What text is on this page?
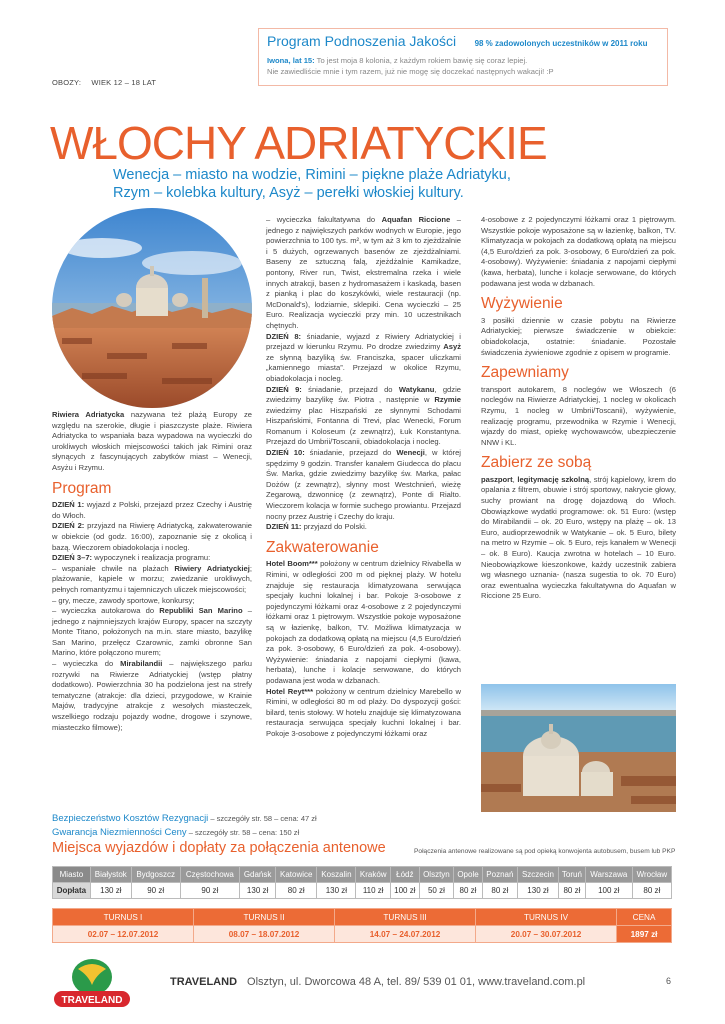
Program Podnoszenia Jakości 98 % zadowolonych uczestników w 2011 roku
Iwona, lat 15: To jest moja 8 kolonia, z każdym rokiem bawię się coraz lepiej.
Nie zawiedliście mnie i tym razem, już nie mogę się doczekać następnych wakacji! :P
OBOZY: WIEK 12 – 18 LAT
WŁOCHY ADRIATYCKIE
Wenecja – miasto na wodzie, Rimini – piękne plaże Adriatyku, Rzym – kolebka kultury, Asyż – perełki włoskiej kultury.

Riwiera Adriatycka nazywana też plażą Europy ze względu na szerokie, długie i piaszczyste plaże. Riwiera Adriatycka to wspaniała baza wypadowa na wycieczki do urokliwych włoskich miejscowości takich jak Rimini oraz słynących z fascynujących zabytków miast – Wenecji, Asyżu i Rzymu.

Program

DZIEŃ 1: wyjazd z Polski, przejazd przez Czechy i Austrię do Włoch.

DZIEŃ 2: przyjazd na Riwierę Adriatycką, zakwaterowanie w obiekcie (od godz. 16:00), zapoznanie się z okolicą i bazą. Wieczorem obiadokolacja i nocleg.

DZIEŃ 3–7: wypoczynek i realizacja programu:

– wspaniałe chwile na plażach Riwiery Adriatyckiej; plażowanie, kąpiele w morzu; zwiedzanie urokliwych, pełnych romantyzmu i tajemniczych uliczek miejscowości;

– gry, mecze, zawody sportowe, konkursy;

– wycieczka autokarowa do Republiki San Marino – jednego z najmniejszych krajów Europy, spacer na szczyty Monte Titano, położonych na m.in. stare miasto, bazylikę San Marino, przełęcz Czarownic, zamki obronne San Marino, które połączono murem;

– wycieczka do Mirabilandii – największego parku rozrywki na Riwierze Adriatyckiej (wstęp płatny dodatkowo). Powierzchnia 30 ha podzielona jest na strefy tematyczne (atrakcje: dla dzieci, przygodowe, w Krainie Majów, tradycyjne atrakcje z wesołych miasteczek, wszelkiego rodzaju pojazdy wodne, drogowe i szynowe, miasteczko filmowe);

– wycieczka fakultatywna do Aquafan Riccione – jednego z największych parków wodnych w Europie, jego powierzchnia to 100 tys. m², w tym aż 3 km to zjeżdżalnie i 5 dużych, ogrzewanych basenów ze zjeżdżalniami. Baseny ze sztuczną falą, zjeżdżalnie Kamikadze, pontony, River run, Twist, ekstremalna rzeka i wiele innych atrakcji, basen z hydromasażem i kaskadą, basen z pianką i plac do koszykówki, wiele restauracji (np. McDonald's), lodziarnie, sklepiki. Cena wycieczki – 25 Euro. Realizacja wycieczki przy min. 10 uczestnikach chętnych.

DZIEŃ 8: śniadanie, wyjazd z Riwiery Adriatyckiej i przejazd w kierunku Rzymu. Po drodze zwiedzimy Asyż ze słynną bazyliką św. Franciszka, spacer uliczkami „kamiennego miasta”. Przejazd w okolice Rzymu, obiadokolacja i nocleg.

DZIEŃ 9: śniadanie, przejazd do Watykanu, gdzie zwiedzimy bazylikę św. Piotra , następnie w Rzymie zwiedzimy plac Hiszpański ze słynnymi Schodami Hiszpańskimi, Fontanna di Trevi, plac Wenecki, Forum Romanum i Koloseum (z zewnątrz), Łuk Konstantyna. Przejazd do Umbrii/Toscanii, obiadokolacja i nocleg.

DZIEŃ 10: śniadanie, przejazd do Wenecji, w której spędzimy 9 godzin. Transfer kanałem Giudecca do placu Św. Marka, gdzie zwiedzimy bazylikę św. Marka, pałac Dożów (z zewnątrz), słynny most Westchnień, wieżę Zegarową, dzwonnicę (z zewnątrz), Ponte di Rialto. Wieczorem kolacja w formie suchego prowiantu. Przejazd nocny przez Austrię i Czechy do kraju.

DZIEŃ 11: przyjazd do Polski.

Zakwaterowanie

Hotel Boom*** położony w centrum dzielnicy Rivabella w Rimini, w odległości 200 m od pięknej plaży. W hotelu znajduje się restauracja klimatyzowana serwująca specjały kuchni lokalnej i bar. Pokoje 3-osobowe z pojedynczymi łóżkami oraz 4-osobowe z 2 pojedynczymi łóżkami oraz 1 piętrowym. Wszystkie pokoje wyposażone są w łazienkę, balkon, TV. Możliwa klimatyzacja w pokojach za dodatkową opłatą na miejscu (4,5 Euro/dzień za pok. 3-osobowy, 6 Euro/dzień za pok. 4-osobowy). Wyżywienie: śniadania z napojami ciepłymi (kawa, herbata), lunche i kolacje serwowane, do których podawana jest woda w dzbanach.

Hotel Reyt*** położony w centrum dzielnicy Marebello w Rimini, w odległości 80 m od plaży. Do dyspozycji gości: bilard, tenis stołowy. W hotelu znajduje się klimatyzowana restauracja serwująca specjały kuchni lokalnej i bar. Pokoje 3-osobowe z pojedynczymi łóżkami oraz

4-osobowe z 2 pojedynczymi łóżkami oraz 1 piętrowym. Wszystkie pokoje wyposażone są w łazienkę, balkon, TV. Klimatyzacja w pokojach za dodatkową opłatą na miejscu (4,5 Euro/dzień za pok. 3-osobowy, 6 Euro/dzień za pok. 4-osobowy). Wyżywienie: śniadania z napojami ciepłymi (kawa, herbata), lunche i kolacje serwowane, do których podawana jest woda w dzbanach.

Wyżywienie

3 posiłki dziennie w czasie pobytu na Riwierze Adriatyckiej; pierwsze świadczenie w obiekcie: obiadokolacja, ostatnie: śniadanie. Pozostałe świadczenia żywieniowe zgodnie z opisem w programie.

Zapewniamy

transport autokarem, 8 noclegów we Włoszech (6 noclegów na Riwierze Adriatyckiej, 1 nocleg w okolicach Rzymu, 1 nocleg w Umbrii/Toscanii), wyżywienie, realizację programu, przewodnika w Rzymie i Wenecji, wjazdy do miast, opiekę wychowawców, ubezpieczenie NNW i KL.

Zabierz ze sobą

paszport, legitymację szkolną, strój kąpielowy, krem do opalania z filtrem, obuwie i strój sportowy, nakrycie głowy, suchy prowiant na drogę dojazdową do Włoch. Obowiązkowe wydatki programowe: ok. 51 Euro: (wstęp do Mirabilandii – ok. 20 Euro, wstępy na plażę – ok. 13 Euro, audioprzewodnik w Watykanie – ok. 5 Euro, bilety na metro w Rzymie – ok. 5 Euro, rejs kanałem w Wenecji – ok. 8 Euro). Kaucja zwrotna w hotelach – 10 Euro. Nieobowiązkowe kieszonkowe, każdy uczestnik zabiera wg własnego uznania- (nasza sugestia to ok. 70 Euro) oraz ewentualna wycieczka fakultatywna do Aquafan w Riccione 25 Euro.

Bezpieczeństwo Kosztów Rezygnacji – szczegóły str. 58 – cena: 47 zł
Gwarancja Niezmienności Ceny – szczegóły str. 58 – cena: 150 zł
Miejsca wyjazdów i dopłaty za połączenia antenowe	Połączenia antenowe realizowane są pod opieką konwojenta autobusem, busem lub PKP
Miasto	Białystok	Bydgoszcz	Częstochowa	Gdańsk	Katowice	Koszalin	Kraków	Łódź	Olsztyn	Opole	Poznań	Szczecin	Toruń	Warszawa	Wrocław
Dopłata	130 zł	90 zł	90 zł	130 zł	80 zł	130 zł	110 zł	100 zł	50 zł	80 zł	80 zł	130 zł	80 zł	100 zł	80 zł
TURNUS I	TURNUS II	TURNUS III	TURNUS IV	CENA
02.07 – 12.07.2012	08.07 – 18.07.2012	14.07 – 24.07.2012	20.07 – 30.07.2012	1897 zł
TRAVELAND
TRAVELAND Olsztyn, ul. Dworcowa 48 A, tel. 89/ 539 01 01, www.traveland.com.pl	6
